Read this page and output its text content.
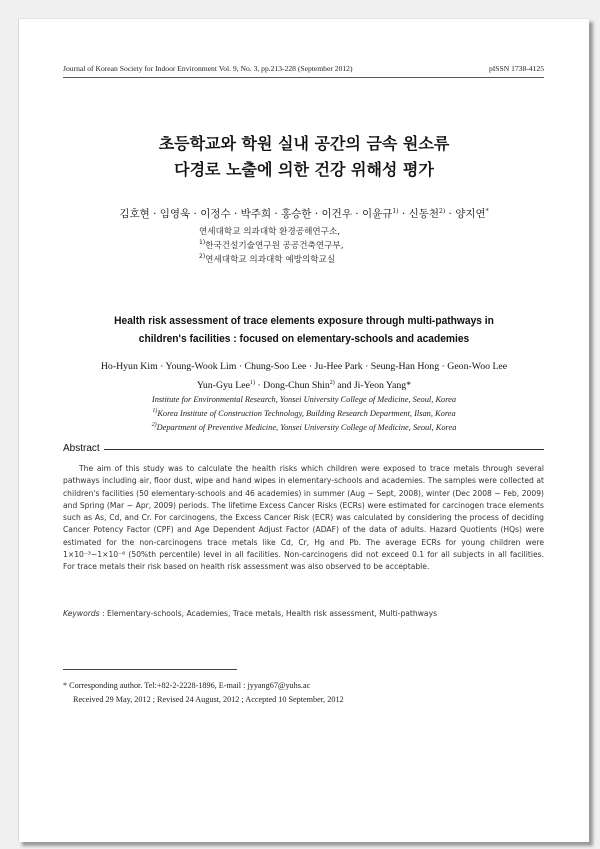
Journal of Korean Society for Indoor Environment Vol. 9, No. 3, pp.213-228 (September 2012)	pISSN 1738-4125
초등학교와 학원 실내 공간의 금속 원소류
다경로 노출에 의한 건강 위해성 평가
김호현 · 임영욱 · 이정수 · 박주희 · 홍승한 · 이건우 · 이윤규$^{1)}$ · 신동천$^{2)}$ · 양지연*
연세대학교 의과대학 환경공해연구소,
$^{1)}$한국건설기술연구원 공공건축연구부,
$^{2)}$연세대학교 의과대학 예방의학교실
Health risk assessment of trace elements exposure through multi-pathways in
children's facilities : focused on elementary-schools and academies
Ho-Hyun Kim · Young-Wook Lim · Chung-Soo Lee · Ju-Hee Park · Seung-Han Hong · Geon-Woo Lee
Yun-Gyu Lee$^{1)}$ · Dong-Chun Shin$^{2)}$ and Ji-Yeon Yang*
Institute for Environmental Research, Yonsei University College of Medicine, Seoul, Korea
$^{1)}$Korea Institute of Construction Technology, Building Research Department, Ilsan, Korea
$^{2)}$Department of Preventive Medicine, Yonsei University College of Medicine, Seoul, Korea
Abstract

The aim of this study was to calculate the health risks which children were exposed to trace metals through several pathways including air, floor dust, wipe and hand wipes in elementary-schools and academies. The samples were collected at children's facilities (50 elementary-schools and 46 academies) in summer (Aug ~ Sept, 2008), winter (Dec 2008 ~ Feb, 2009) and Spring (Mar ~ Apr, 2009) periods. The lifetime Excess Cancer Risks (ECRs) were estimated for carcinogen trace elements such as As, Cd, and Cr. For carcinogens, the Excess Cancer Risk (ECR) was calculated by considering the process of deciding Cancer Potency Factor (CPF) and Age Dependent Adjust Factor (ADAF) of the data of adults. Hazard Quotients (HQs) were estimated for the non-carcinogens trace metals like Cd, Cr, Hg and Pb. The average ECRs for young children were 1×10⁻³~1×10⁻⁶ (50%th percentile) level in all facilities. Non-carcinogens did not exceed 0.1 for all subjects in all facilities. For trace metals their risk based on health risk assessment was also observed to be acceptable.

Keywords : Elementary-schools, Academies, Trace metals, Health risk assessment, Multi-pathways
* Corresponding author. Tel:+82-2-2228-1896, E-mail : jyyang67@yuhs.ac
Received 29 May, 2012 ; Revised 24 August, 2012 ; Accepted 10 September, 2012
